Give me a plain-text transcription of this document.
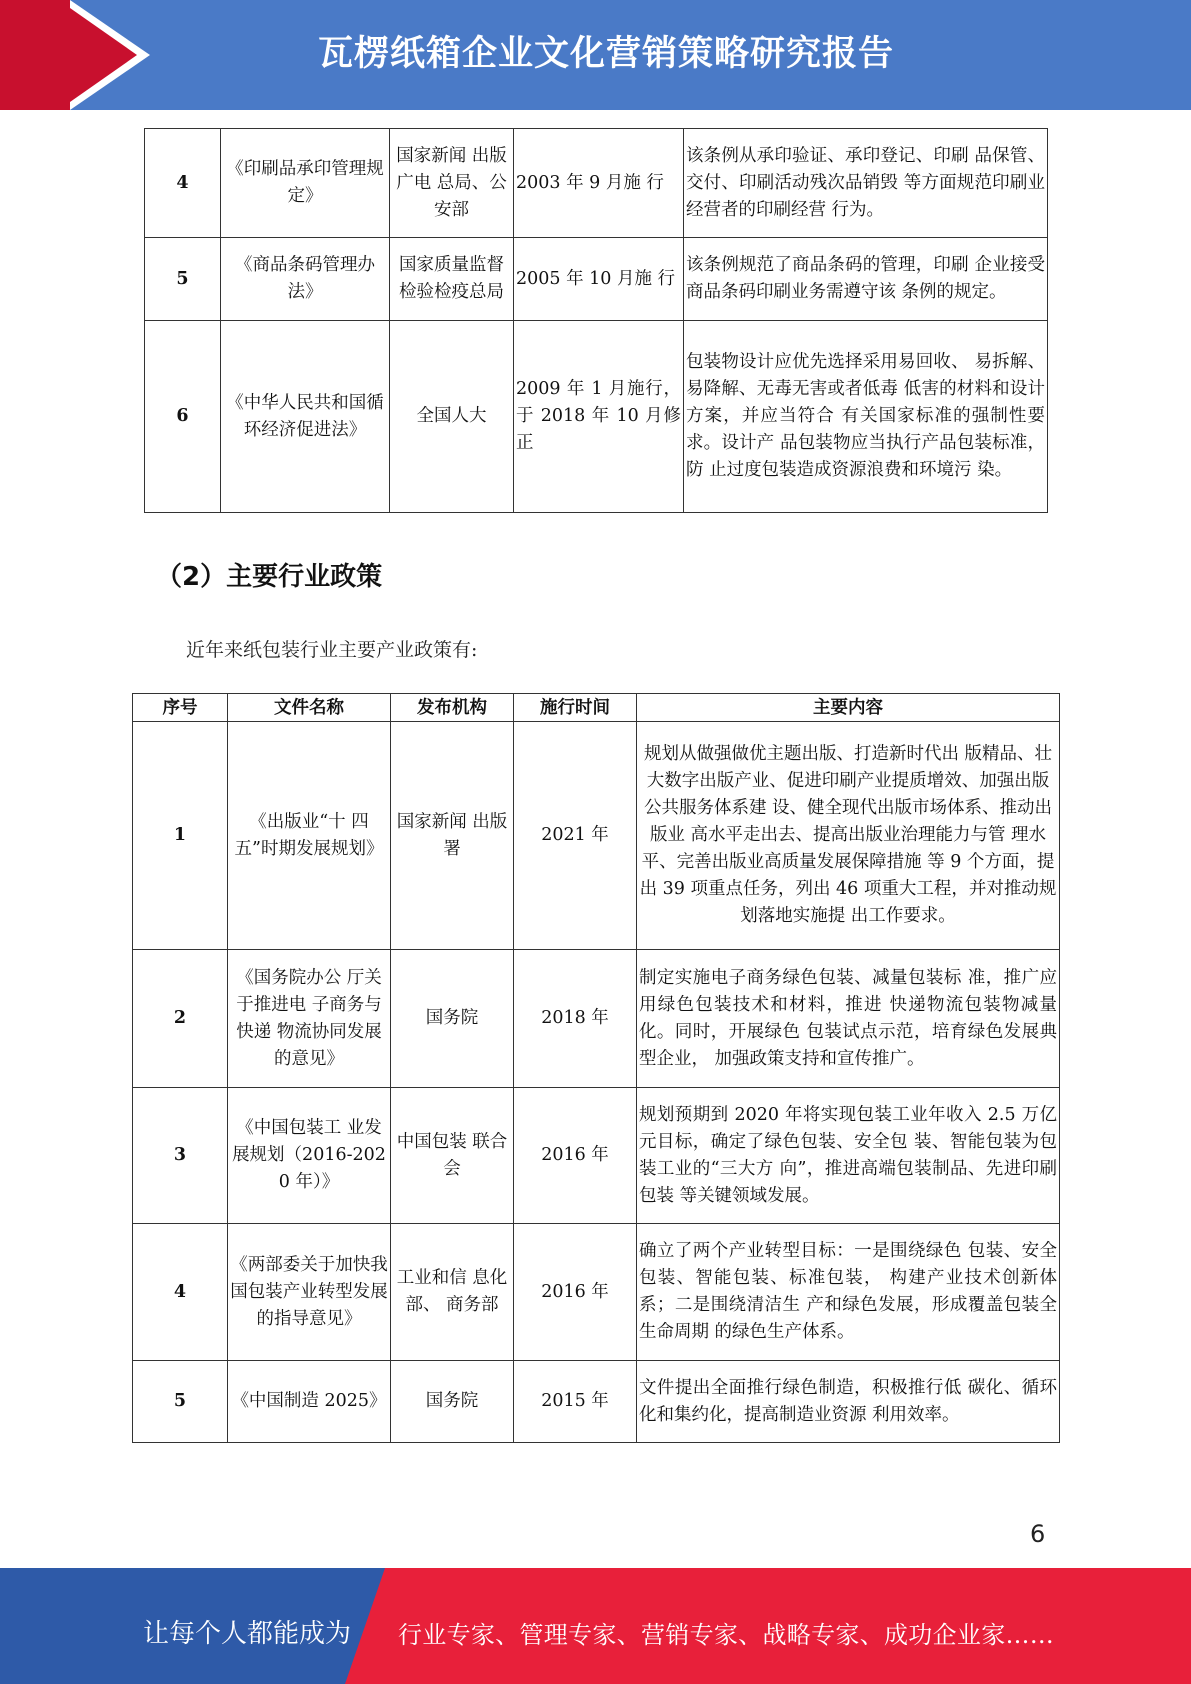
瓦楞纸箱企业文化营销策略研究报告
4	《印刷品承印管理规定》	国家新闻 出版广电 总局、公 安部	2003 年 9 月施 行	该条例从承印验证、承印登记、印刷 品保管、交付、印刷活动残次品销毁 等方面规范印刷业经营者的印刷经营 行为。
5	《商品条码管理办法》	国家质量监督检验检疫总局	2005 年 10 月施 行	该条例规范了商品条码的管理，印刷 企业接受商品条码印刷业务需遵守该 条例的规定。
6	《中华人民共和国循环经济促进法》	全国人大	2009 年 1 月施行，于 2018 年 10 月修正	包装物设计应优先选择采用易回收、 易拆解、易降解、无毒无害或者低毒 低害的材料和设计方案，并应当符合 有关国家标准的强制性要求。设计产 品包装物应当执行产品包装标准，防 止过度包装造成资源浪费和环境污 染。
（2）主要行业政策
近年来纸包装行业主要产业政策有:
序号	文件名称	发布机构	施行时间	主要内容
1	《出版业“十 四五”时期发展规划》	国家新闻 出版署	2021 年	规划从做强做优主题出版、打造新时代出 版精品、壮大数字出版产业、促进印刷产业提质增效、加强出版公共服务体系建 设、健全现代出版市场体系、推动出版业 高水平走出去、提高出版业治理能力与管 理水平、完善出版业高质量发展保障措施 等 9 个方面，提出 39 项重点任务，列出 46 项重大工程，并对推动规划落地实施提 出工作要求。
2	《国务院办公 厅关于推进电 子商务与快递 物流协同发展 的意见》	国务院	2018 年	制定实施电子商务绿色包装、减量包装标 准，推广应用绿色包装技术和材料，推进 快递物流包装物减量化。同时，开展绿色 包装试点示范，培育绿色发展典型企业， 加强政策支持和宣传推广。
3	《中国包装工 业发展规划（2016-2020 年）》	中国包装 联合会	2016 年	规划预期到 2020 年将实现包装工业年收入 2.5 万亿元目标，确定了绿色包装、安全包 装、智能包装为包装工业的“三大方 向”，推进高端包装制品、先进印刷包装 等关键领域发展。
4	《两部委关于加快我国包装产业转型发展的指导意见》	工业和信 息化部、 商务部	2016 年	确立了两个产业转型目标：一是围绕绿色 包装、安全包装、智能包装、标准包装， 构建产业技术创新体系；二是围绕清洁生 产和绿色发展，形成覆盖包装全生命周期 的绿色生产体系。
5	《中国制造 2025》	国务院	2015 年	文件提出全面推行绿色制造，积极推行低 碳化、循环化和集约化，提高制造业资源 利用效率。
6
让每个人都能成为 行业专家、管理专家、营销专家、战略专家、成功企业家……
